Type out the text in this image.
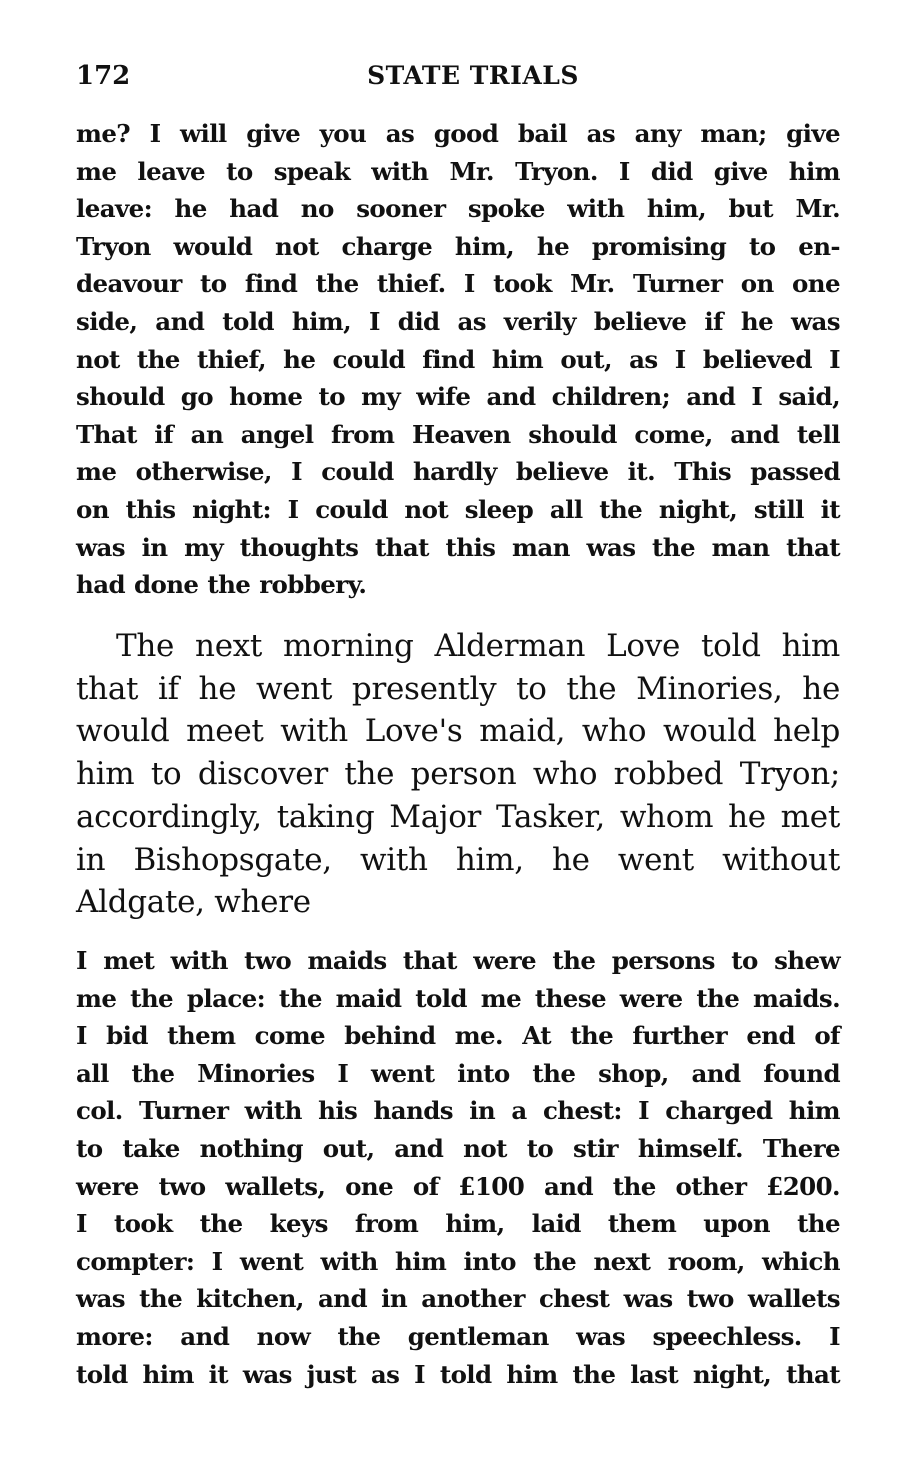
172	STATE TRIALS
me? I will give you as good bail as any man; give
me leave to speak with Mr. Tryon. I did give him
leave: he had no sooner spoke with him, but Mr.
Tryon would not charge him, he promising to en-
deavour to find the thief. I took Mr. Turner on one
side, and told him, I did as verily believe if he was
not the thief, he could find him out, as I believed I
should go home to my wife and children; and I said,
That if an angel from Heaven should come, and tell
me otherwise, I could hardly believe it. This passed
on this night: I could not sleep all the night, still it
was in my thoughts that this man was the man that
had done the robbery.
The next morning Alderman Love told him
that if he went presently to the Minories, he
would meet with Love's maid, who would help
him to discover the person who robbed Tryon;
accordingly, taking Major Tasker, whom he met
in Bishopsgate, with him, he went without
Aldgate, where
I met with two maids that were the persons to shew
me the place: the maid told me these were the maids.
I bid them come behind me. At the further end of
all the Minories I went into the shop, and found
col. Turner with his hands in a chest: I charged him
to take nothing out, and not to stir himself. There
were two wallets, one of £100 and the other £200.
I took the keys from him, laid them upon the
compter: I went with him into the next room, which
was the kitchen, and in another chest was two wallets
more: and now the gentleman was speechless. I
told him it was just as I told him the last night, that
